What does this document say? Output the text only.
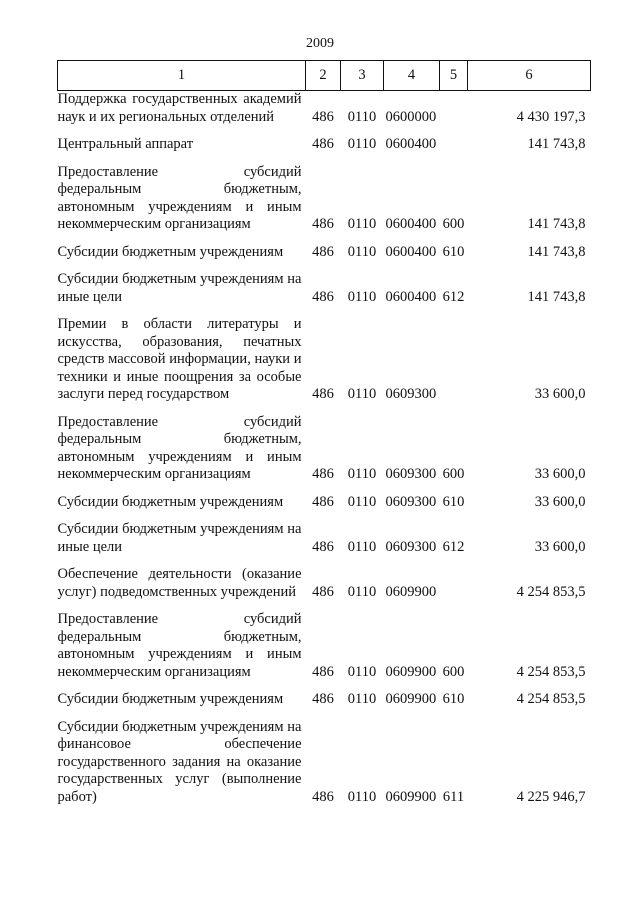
2009
1	2	3	4	5	6
Поддержка государственных академий наук и их региональных отделений	486	0110	0600000		4 430 197,3

Центральный аппарат	486	0110	0600400		141 743,8

Предоставление субсидий федеральным бюджетным, автономным учреждениям и иным некоммерческим организациям	486	0110	0600400	600	141 743,8

Субсидии бюджетным учреждениям	486	0110	0600400	610	141 743,8

Субсидии бюджетным учреждениям на иные цели	486	0110	0600400	612	141 743,8

Премии в области литературы и искусства, образования, печатных средств массовой информации, науки и техники и иные поощрения за особые заслуги перед государством	486	0110	0609300		33 600,0

Предоставление субсидий федеральным бюджетным, автономным учреждениям и иным некоммерческим организациям	486	0110	0609300	600	33 600,0

Субсидии бюджетным учреждениям	486	0110	0609300	610	33 600,0

Субсидии бюджетным учреждениям на иные цели	486	0110	0609300	612	33 600,0

Обеспечение деятельности (оказание услуг) подведомственных учреждений	486	0110	0609900		4 254 853,5

Предоставление субсидий федеральным бюджетным, автономным учреждениям и иным некоммерческим организациям	486	0110	0609900	600	4 254 853,5

Субсидии бюджетным учреждениям	486	0110	0609900	610	4 254 853,5

Субсидии бюджетным учреждениям на финансовое обеспечение государственного задания на оказание государственных услуг (выполнение работ)	486	0110	0609900	611	4 225 946,7
